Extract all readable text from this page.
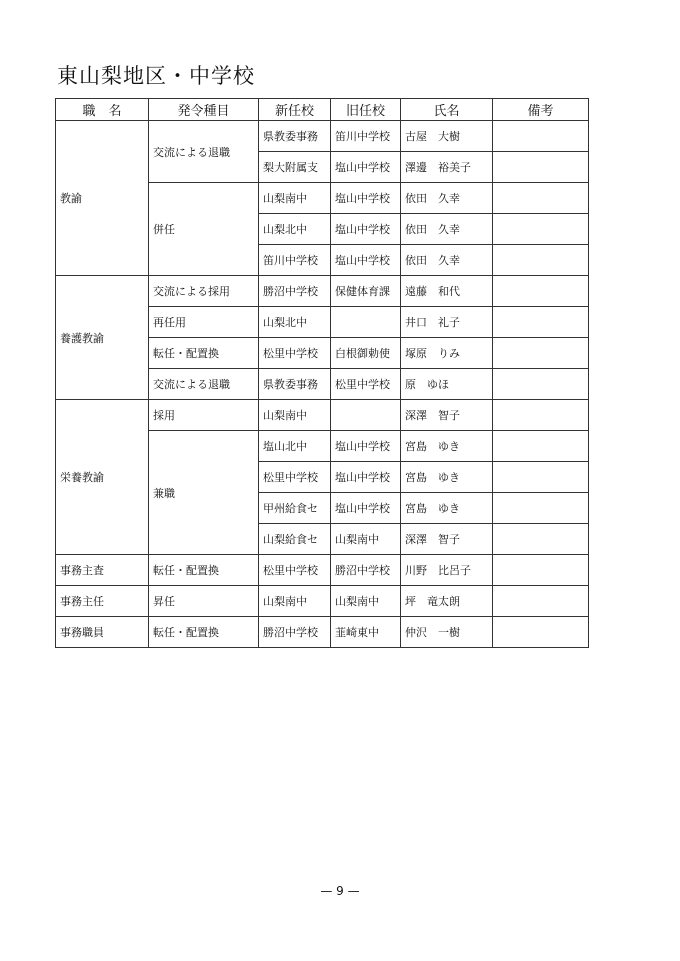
東山梨地区・中学校
職　名	発令種目	新任校	旧任校	氏名	備考
教諭	交流による退職	県教委事務	笛川中学校	古屋　大樹	
		梨大附属支	塩山中学校	澤邊　裕美子	
	併任	山梨南中	塩山中学校	依田　久幸	
		山梨北中	塩山中学校	依田　久幸	
		笛川中学校	塩山中学校	依田　久幸	
養護教諭	交流による採用	勝沼中学校	保健体育課	遠藤　和代	
	再任用	山梨北中		井口　礼子	
	転任・配置換	松里中学校	白根御勅使	塚原　りみ	
	交流による退職	県教委事務	松里中学校	原　ゆほ	
栄養教諭	採用	山梨南中		深澤　智子	
	兼職	塩山北中	塩山中学校	宮島　ゆき	
		松里中学校	塩山中学校	宮島　ゆき	
		甲州給食セ	塩山中学校	宮島　ゆき	
		山梨給食セ	山梨南中	深澤　智子	
事務主査	転任・配置換	松里中学校	勝沼中学校	川野　比呂子	
事務主任	昇任	山梨南中	山梨南中	坪　竜太朗	
事務職員	転任・配置換	勝沼中学校	韮崎東中	仲沢　一樹	
— 9 —
